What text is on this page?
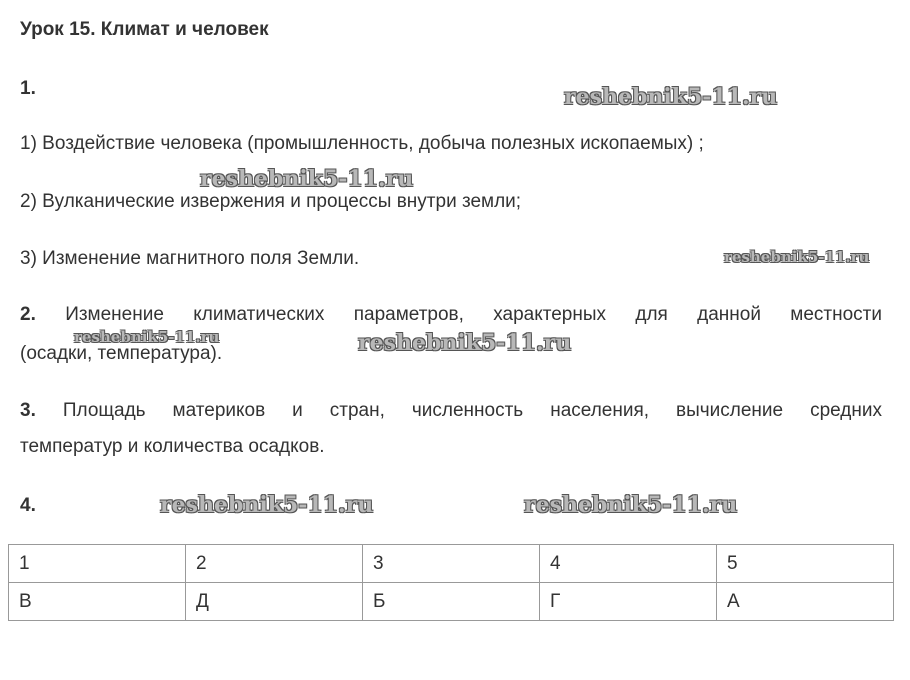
Урок 15. Климат и человек
1.
1) Воздействие человека (промышленность, добыча полезных ископаемых) ;
2) Вулканические извержения и процессы внутри земли;
3) Изменение магнитного поля Земли.
2. Изменение климатических параметров, характерных для данной местности
(осадки, температура).
3. Площадь материков и стран, численность населения, вычисление средних
температур и количества осадков.
4.
1	2	3	4	5
В	Д	Б	Г	А
reshebnik5-11.ru
reshebnik5-11.ru
reshebnik5-11.ru
reshebnik5-11.ru	reshebnik5-11.ru
reshebnik5-11.ru	reshebnik5-11.ru
